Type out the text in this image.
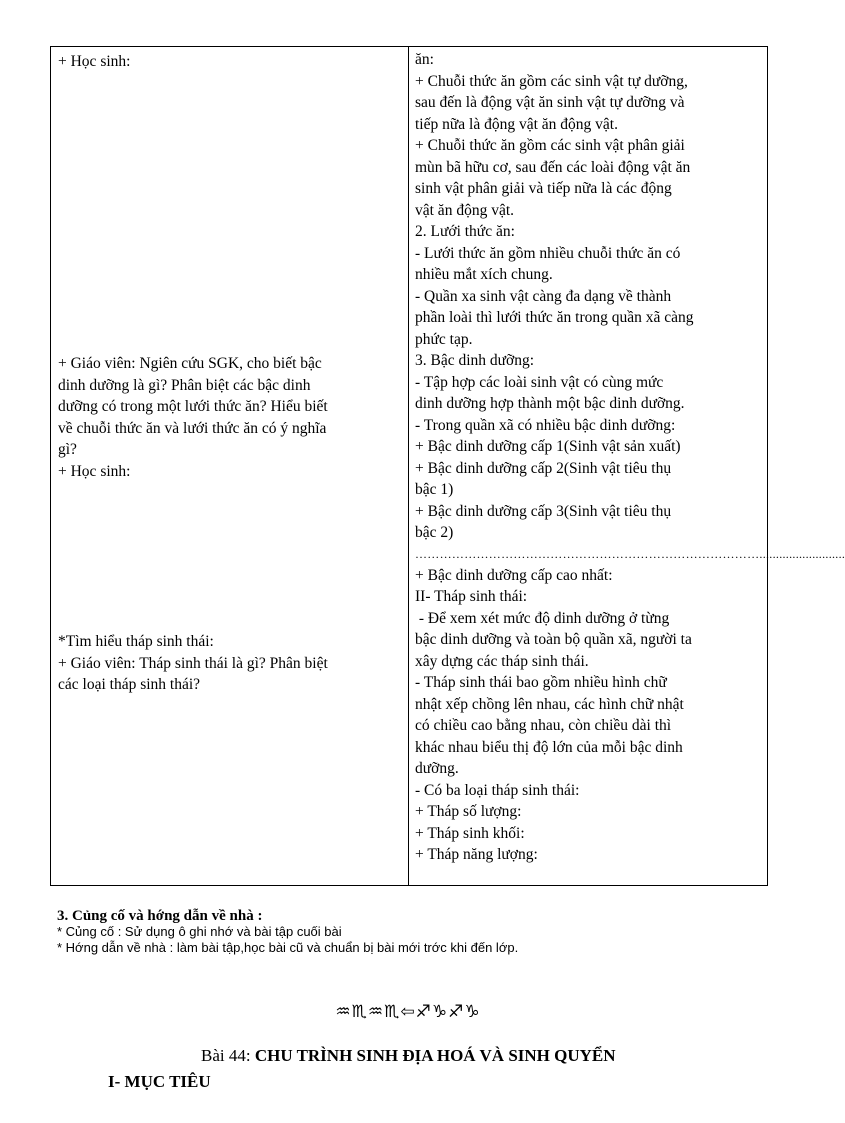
+ Học sinh:
+ Giáo viên: Ngiên cứu SGK, cho biết bậc
dinh dưỡng là gì? Phân biệt các bậc dinh
dưỡng có trong một lưới thức ăn? Hiểu biết
về chuỗi thức ăn và lưới thức ăn có ý nghĩa
gì?
+ Học sinh:
*Tìm hiểu tháp sinh thái:
+ Giáo viên: Tháp sinh thái là gì? Phân biệt
các loại tháp sinh thái?
ăn:
+ Chuỗi thức ăn gồm các sinh vật tự dưỡng,
sau đến là động vật ăn sinh vật tự dưỡng và
tiếp nữa là động vật ăn động vật.
+ Chuỗi thức ăn gồm các sinh vật phân giải
mùn bã hữu cơ, sau đến các loài động vật ăn
sinh vật phân giải và tiếp nữa là các động
vật ăn động vật.
2. Lưới thức ăn:
- Lưới thức ăn gồm nhiều chuỗi thức ăn có
nhiều mắt xích chung.
- Quần xa sinh vật càng đa dạng về thành
phần loài thì lưới thức ăn trong quần xã càng
phức tạp.
3. Bậc dinh dưỡng:
- Tập hợp các loài sinh vật có cùng mức
dinh dưỡng hợp thành một bậc dinh dưỡng.
- Trong quần xã có nhiều bậc dinh dưỡng:
+ Bậc dinh dưỡng cấp 1(Sinh vật sản xuất)
+ Bậc dinh dưỡng cấp 2(Sinh vật tiêu thụ
bậc 1)
+ Bậc dinh dưỡng cấp 3(Sinh vật tiêu thụ
bậc 2)
…………………………………………………………………………..........................
+ Bậc dinh dưỡng cấp cao nhất:
II- Tháp sinh thái:
- Để xem xét mức độ dinh dưỡng ở từng
bậc dinh dưỡng và toàn bộ quần xã, người ta
xây dựng các tháp sinh thái.
- Tháp sinh thái bao gồm nhiều hình chữ
nhật xếp chồng lên nhau, các hình chữ nhật
có chiều cao bằng nhau, còn chiều dài thì
khác nhau biểu thị độ lớn của mỗi bậc dinh
dưỡng.
- Có ba loại tháp sinh thái:
+ Tháp số lượng:
+ Tháp sinh khối:
+ Tháp năng lượng:
3. Củng cố và hớng dẫn về nhà :
* Củng cố : Sử dụng ô ghi nhớ và bài tập cuối bài
* Hớng dẫn về nhà : làm bài tập,học bài cũ và chuẩn bị bài mới trớc khi đến lớp.
♒♏♒♏⇦♐♑♐♑
Bài 44: CHU TRÌNH SINH ĐỊA HOÁ VÀ SINH QUYỂN
I- MỤC TIÊU
